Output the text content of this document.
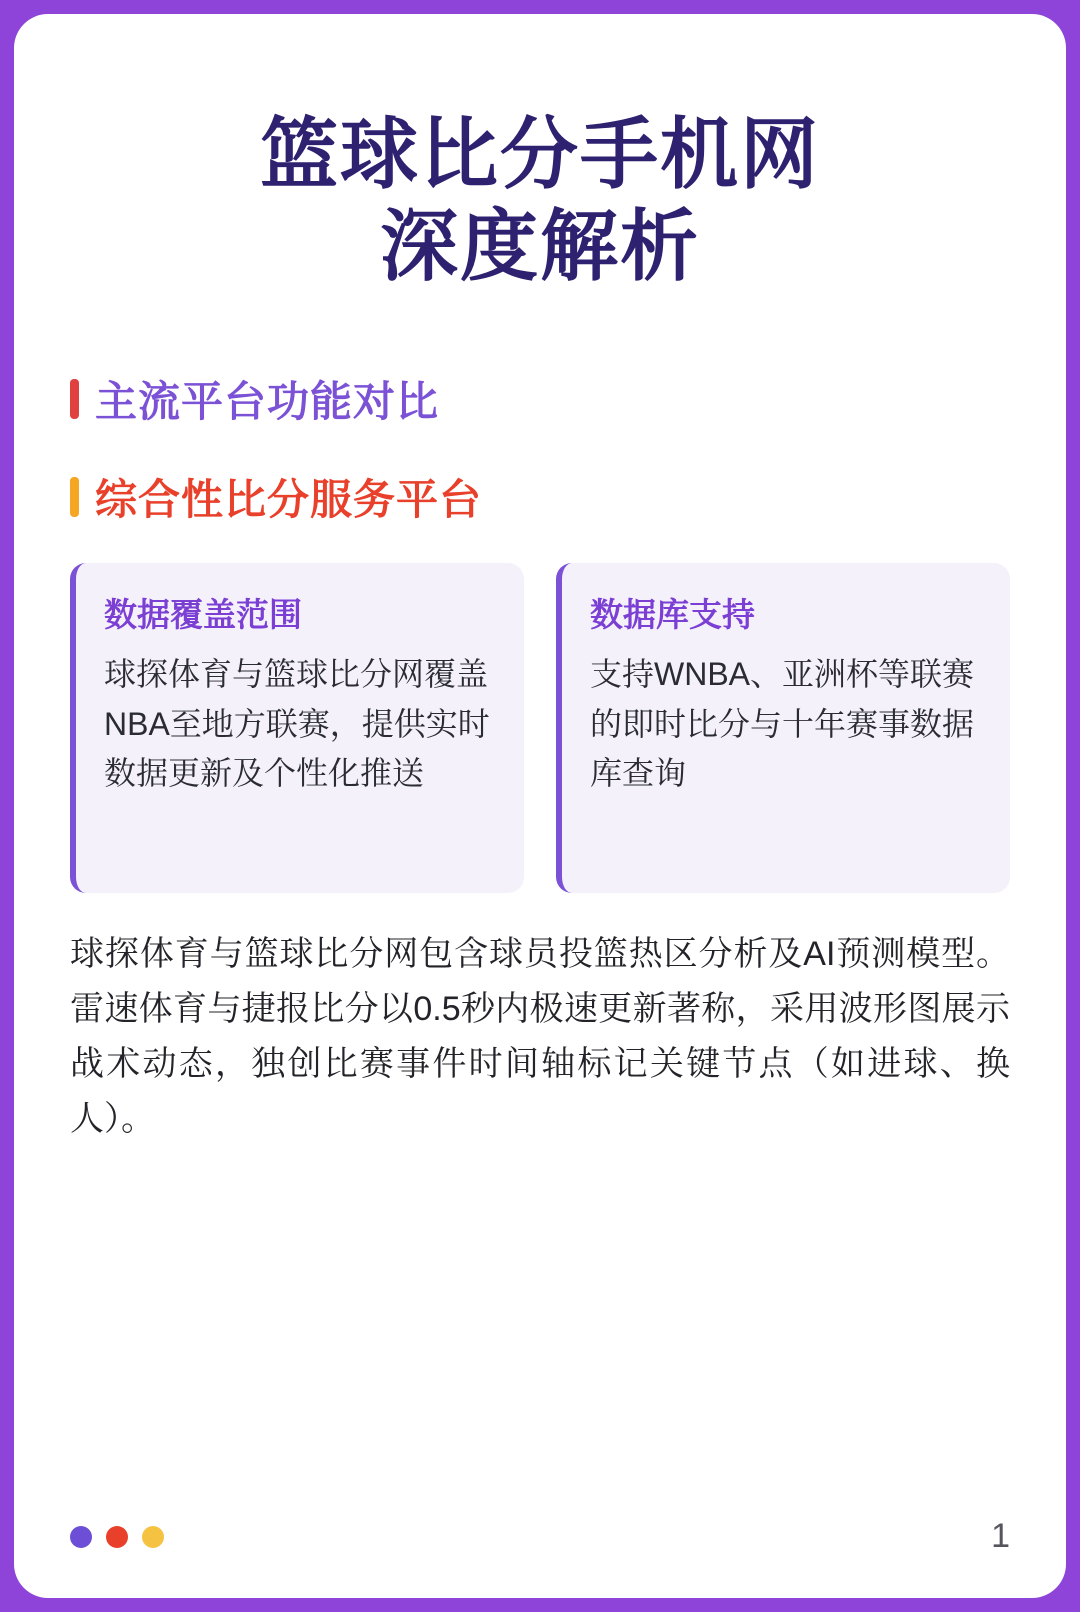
篮球比分手机网
深度解析
主流平台功能对比
综合性比分服务平台
数据覆盖范围
球探体育与篮球比分网覆盖NBA至地方联赛，提供实时数据更新及个性化推送
数据库支持
支持WNBA、亚洲杯等联赛的即时比分与十年赛事数据库查询
球探体育与篮球比分网包含球员投篮热区分析及AI预测模型。雷速体育与捷报比分以0.5秒内极速更新著称，采用波形图展示战术动态，独创比赛事件时间轴标记关键节点（如进球、换人）。
1
